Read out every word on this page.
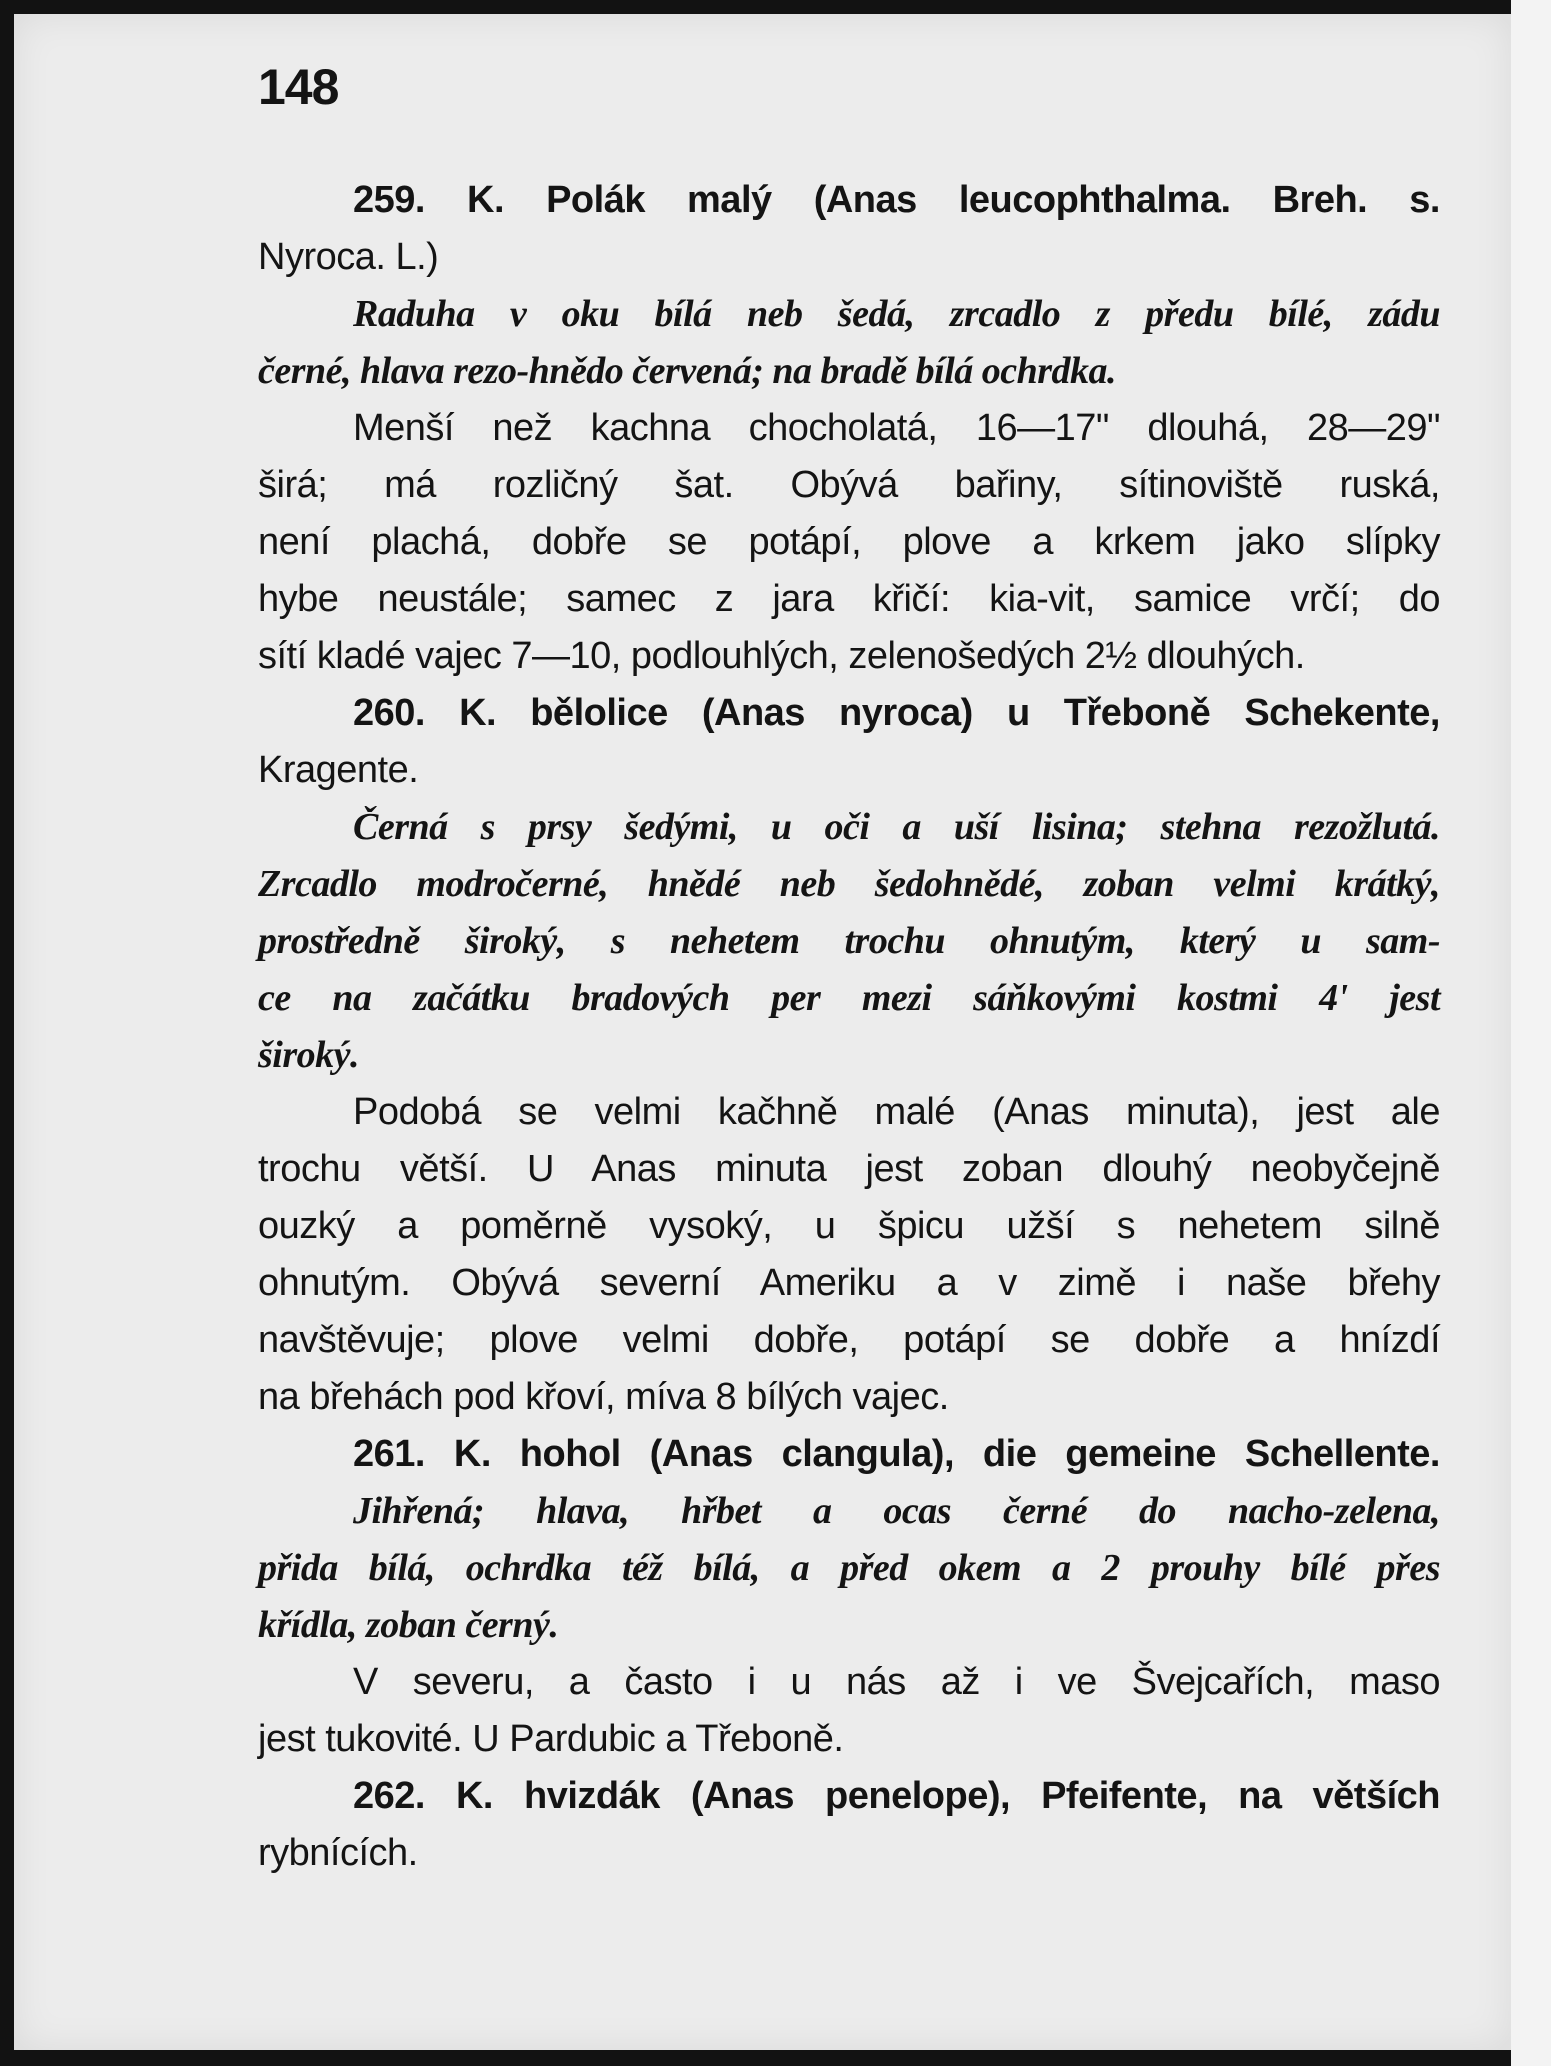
148
259. K. Polák malý (Anas leucophthalma. Breh. s.
Nyroca. L.)
Raduha v oku bílá neb šedá, zrcadlo z předu bílé, zádu
černé, hlava rezo-hnědo červená; na bradě bílá ochrdka.
Menší než kachna chocholatá, 16—17" dlouhá, 28—29"
širá; má rozličný šat. Obývá bařiny, sítinoviště ruská,
není plachá, dobře se potápí, plove a krkem jako slípky
hybe neustále; samec z jara křičí: kia-vit, samice vrčí; do
sítí kladé vajec 7—10, podlouhlých, zelenošedých 2½ dlouhých.
260. K. bělolice (Anas nyroca) u Třeboně Schekente,
Kragente.
Černá s prsy šedými, u oči a uší lisina; stehna rezožlutá.
Zrcadlo modročerné, hnědé neb šedohnědé, zoban velmi krátký,
prostředně široký, s nehetem trochu ohnutým, který u sam-
ce na začátku bradových per mezi sáňkovými kostmi 4' jest
široký.
Podobá se velmi kačhně malé (Anas minuta), jest ale
trochu větší. U Anas minuta jest zoban dlouhý neobyčejně
ouzký a poměrně vysoký, u špicu užší s nehetem silně
ohnutým. Obývá severní Ameriku a v zimě i naše břehy
navštěvuje; plove velmi dobře, potápí se dobře a hnízdí
na břehách pod křoví, míva 8 bílých vajec.
261. K. hohol (Anas clangula), die gemeine Schellente.
Jihřená; hlava, hřbet a ocas černé do nacho-zelena,
přida bílá, ochrdka též bílá, a před okem a 2 prouhy bílé přes
křídla, zoban černý.
V severu, a často i u nás až i ve Švejcařích, maso
jest tukovité. U Pardubic a Třeboně.
262. K. hvizdák (Anas penelope), Pfeifente, na větších
rybnících.
